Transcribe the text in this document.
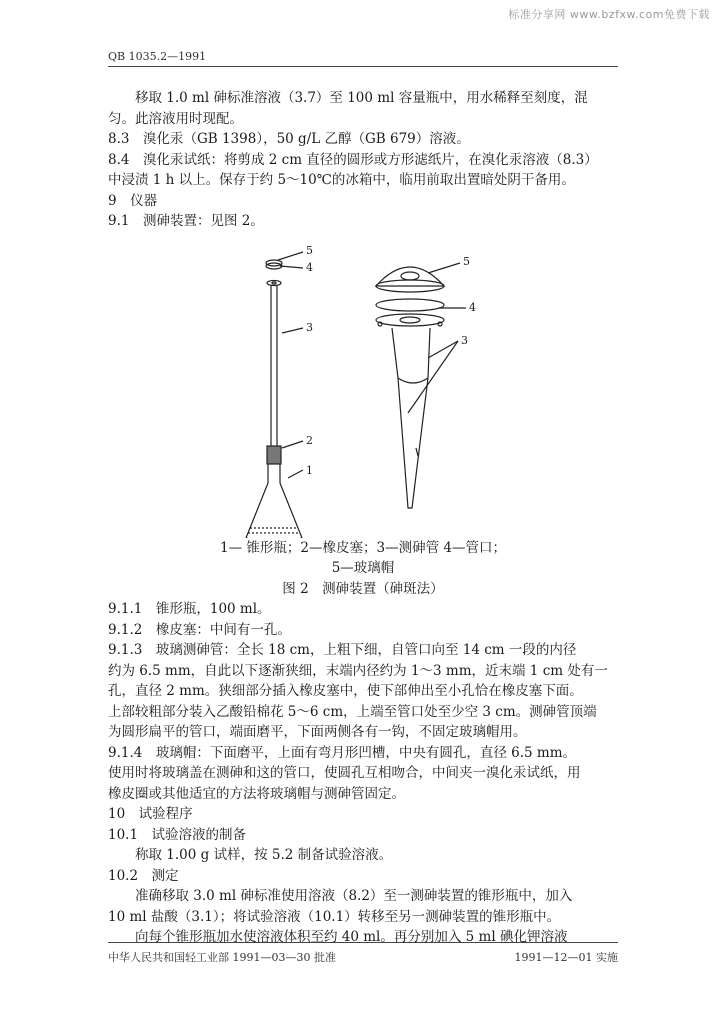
标准分享网 www.bzfxw.com免费下载
QB 1035.2—1991

移取 1.0 ml 砷标准溶液（3.7）至 100 ml 容量瓶中，用水稀释至刻度，混

匀。此溶液用时现配。

8.3　溴化汞（GB 1398），50 g/L 乙醇（GB 679）溶液。

8.4　溴化汞试纸：将剪成 2 cm 直径的圆形或方形滤纸片，在溴化汞溶液（8.3）

中浸渍 1 h 以上。保存于约 5～10℃的冰箱中，临用前取出置暗处阴干备用。

9　仪器

9.1　测砷装置：见图 2。

5
4
3
2
1
5
4
3

1— 锥形瓶；2—橡皮塞；3—测砷管 4—管口；

5—玻璃帽

图 2　测砷装置（砷斑法）

9.1.1　锥形瓶，100 ml。

9.1.2　橡皮塞：中间有一孔。

9.1.3　玻璃测砷管：全长 18 cm，上粗下细，自管口向至 14 cm 一段的内径

约为 6.5 mm，自此以下逐渐狭细，末端内径约为 1～3 mm，近末端 1 cm 处有一

孔，直径 2 mm。狭细部分插入橡皮塞中，使下部伸出至小孔恰在橡皮塞下面。

上部较粗部分装入乙酸铅棉花 5～6 cm，上端至管口处至少空 3 cm。测砷管顶端

为圆形扁平的管口，端面磨平，下面两侧各有一钩，不固定玻璃帽用。

9.1.4　玻璃帽：下面磨平，上面有弯月形凹槽，中央有圆孔，直径 6.5 mm。

使用时将玻璃盖在测砷和这的管口，使圆孔互相吻合，中间夹一溴化汞试纸，用

橡皮圈或其他适宜的方法将玻璃帽与测砷管固定。

10　试验程序

10.1　试验溶液的制备

称取 1.00 g 试样，按 5.2 制备试验溶液。

10.2　测定

准确移取 3.0 ml 砷标准使用溶液（8.2）至一测砷装置的锥形瓶中，加入

10 ml 盐酸（3.1）；将试验溶液（10.1）转移至另一测砷装置的锥形瓶中。

向每个锥形瓶加水使溶液体积至约 40 ml。再分别加入 5 ml 碘化钾溶液

中华人民共和国轻工业部 1991—03—30 批准	1991—12—01 实施
